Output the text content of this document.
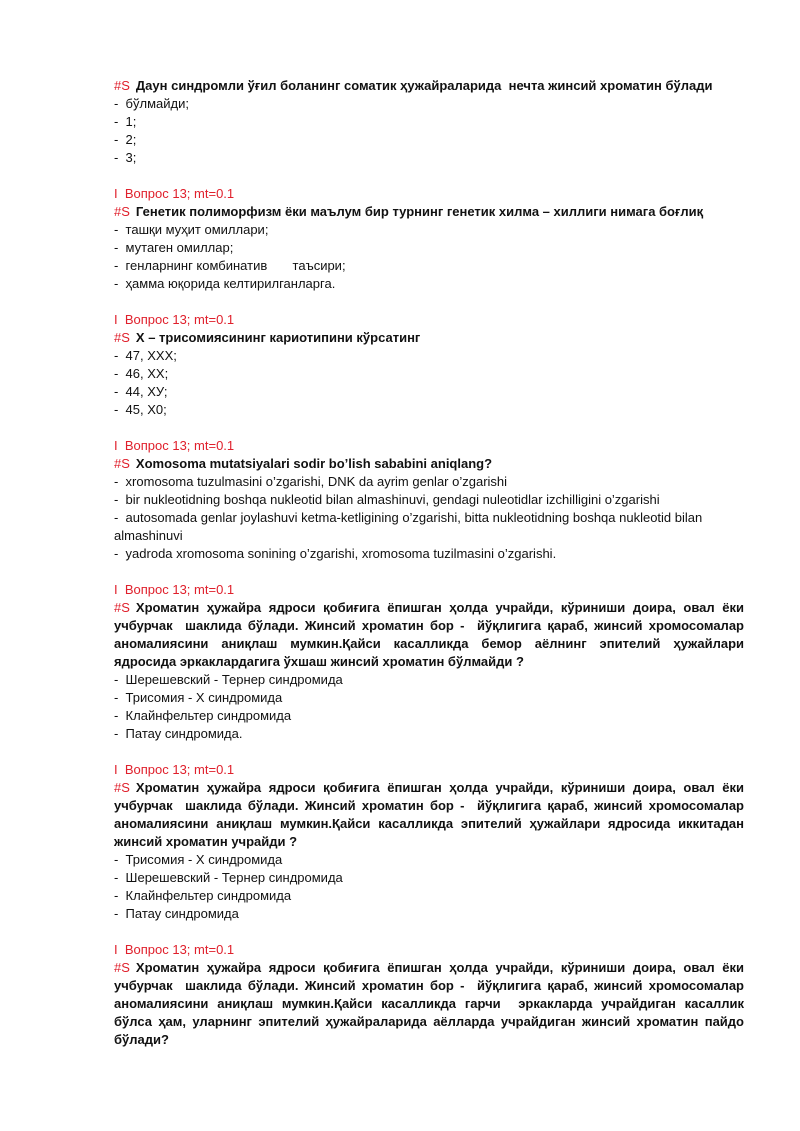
#S Даун синдромли ўғил боланинг соматик ҳужайраларида  нечта жинсий хроматин бўлади
-  бўлмайди;
-  1;
-  2;
-  3;
I  Вопрос 13; mt=0.1
#S Генетик полиморфизм ёки маълум бир турнинг генетик хилма – хиллиги нимага боғлиқ
-  ташқи муҳит омиллари;
-  мутаген омиллар;
-  генларнинг комбинатив       таъсири;
-  ҳамма юқорида келтирилганларга.
I  Вопрос 13; mt=0.1
#S Х – трисомиясининг кариотипини кўрсатинг
-  47, ХХХ;
-  46, ХХ;
-  44, ХУ;
-  45, Х0;
I  Вопрос 13; mt=0.1
#S Xomosoma mutatsiyalari sodir bo’lish sababini aniqlang?
-  xromosoma tuzulmasini o’zgarishi, DNK da ayrim genlar o’zgarishi
-  bir nukleotidning boshqa nukleotid bilan almashinuvi, gendagi nuleotidlar izchilligini o’zgarishi
-  autosomada genlar joylashuvi ketma-ketligining o’zgarishi, bitta nukleotidning boshqa nukleotid bilan almashinuvi
-  yadroda xromosoma sonining o’zgarishi, xromosoma tuzilmasini o’zgarishi.
I  Вопрос 13; mt=0.1
#S Хроматин ҳужайра ядроси қобиғига ёпишган ҳолда учрайди, кўриниши доира, овал ёки учбурчак  шаклида бўлади. Жинсий хроматин бор -  йўқлигига қараб, жинсий хромосомалар аномалиясини аниқлаш мумкин.Қайси касалликда бемор аёлнинг эпителий ҳужайлари ядросида эркаклардагига ўхшаш жинсий хроматин бўлмайди ?
-  Шерешевский - Тернер синдромида
-  Трисомия - Х синдромида
-  Клайнфельтер синдромида
-  Патау синдромида.
I  Вопрос 13; mt=0.1
#S Хроматин ҳужайра ядроси қобиғига ёпишган ҳолда учрайди, кўриниши доира, овал ёки учбурчак  шаклида бўлади. Жинсий хроматин бор -  йўқлигига қараб, жинсий хромосомалар аномалиясини аниқлаш мумкин.Қайси касалликда эпителий ҳужайлари ядросида иккитадан жинсий хроматин учрайди ?
-  Трисомия - Х синдромида
-  Шерешевский - Тернер синдромида
-  Клайнфельтер синдромида
-  Патау синдромида
I  Вопрос 13; mt=0.1
#S Хроматин ҳужайра ядроси қобиғига ёпишган ҳолда учрайди, кўриниши доира, овал ёки учбурчак  шаклида бўлади. Жинсий хроматин бор -  йўқлигига қараб, жинсий хромосомалар аномалиясини аниқлаш мумкин.Қайси касалликда гарчи  эркакларда учрайдиган касаллик бўлса ҳам, уларнинг эпителий ҳужайраларида аёлларда учрайдиган жинсий хроматин пайдо бўлади?
